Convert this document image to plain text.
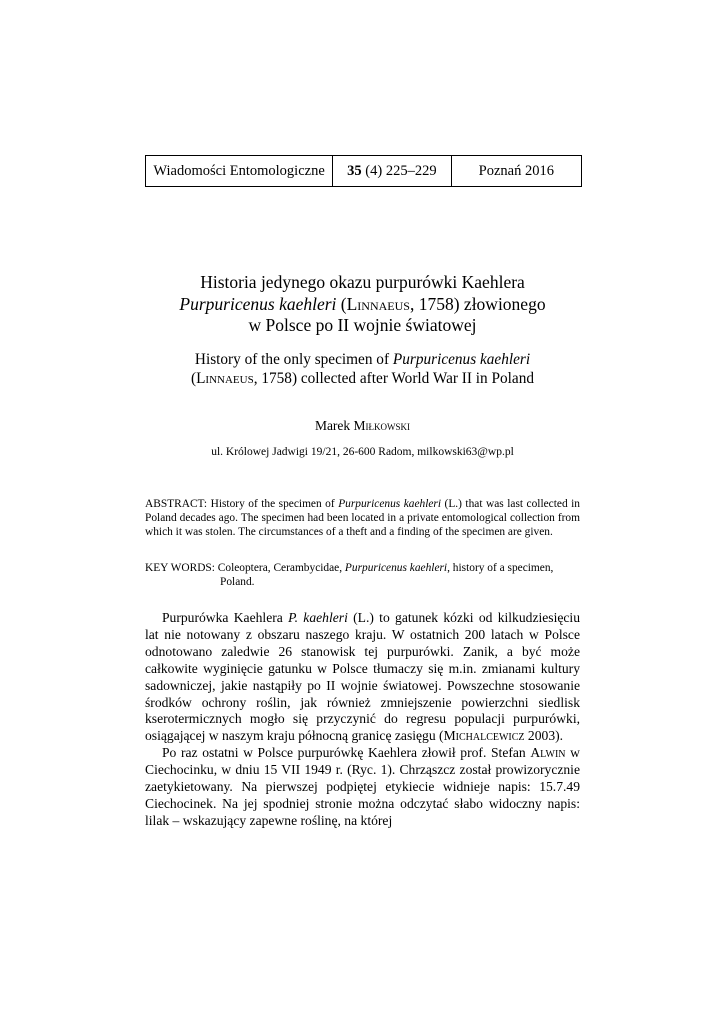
Wiadomości Entomologiczne	35
(4) 225–229	Poznań 2016
Historia jedynego okazu purpurówki Kaehlera
Purpuricenus kaehleri (Linnaeus, 1758) złowionego
w Polsce po II wojnie światowej
History of the only specimen of Purpuricenus kaehleri
(Linnaeus, 1758) collected after World War II in Poland
Marek Miłkowski
ul. Królowej Jadwigi 19/21, 26-600 Radom, milkowski63@wp.pl
ABSTRACT: History of the specimen of Purpuricenus kaehleri (L.) that was last collected in Poland decades ago. The specimen had been located in a private entomological collection from which it was stolen. The circumstances of a theft and a finding of the specimen are given.
KEY WORDS: Coleoptera, Cerambycidae, Purpuricenus kaehleri, history of a specimen,
Poland.

Purpurówka Kaehlera P. kaehleri (L.) to gatunek kózki od kilkudziesięciu lat nie notowany z obszaru naszego kraju. W ostatnich 200 latach w Polsce odnotowano zaledwie 26 stanowisk tej purpurówki. Zanik, a być może całkowite wyginięcie gatunku w Polsce tłumaczy się m.in. zmianami kultury sadowniczej, jakie nastąpiły po II wojnie światowej. Powszechne stosowanie środków ochrony roślin, jak również zmniejszenie powierzchni siedlisk kserotermicznych mogło się przyczynić do regresu populacji purpurówki, osiągającej w naszym kraju północną granicę zasięgu (Michalcewicz 2003).

Po raz ostatni w Polsce purpurówkę Kaehlera złowił prof. Stefan Alwin w Ciechocinku, w dniu 15 VII 1949 r. (Ryc. 1). Chrząszcz został prowizorycznie zaetykietowany. Na pierwszej podpiętej etykiecie widnieje napis: 15.7.49 Ciechocinek. Na jej spodniej stronie można odczytać słabo widoczny napis: lilak – wskazujący zapewne roślinę, na której
